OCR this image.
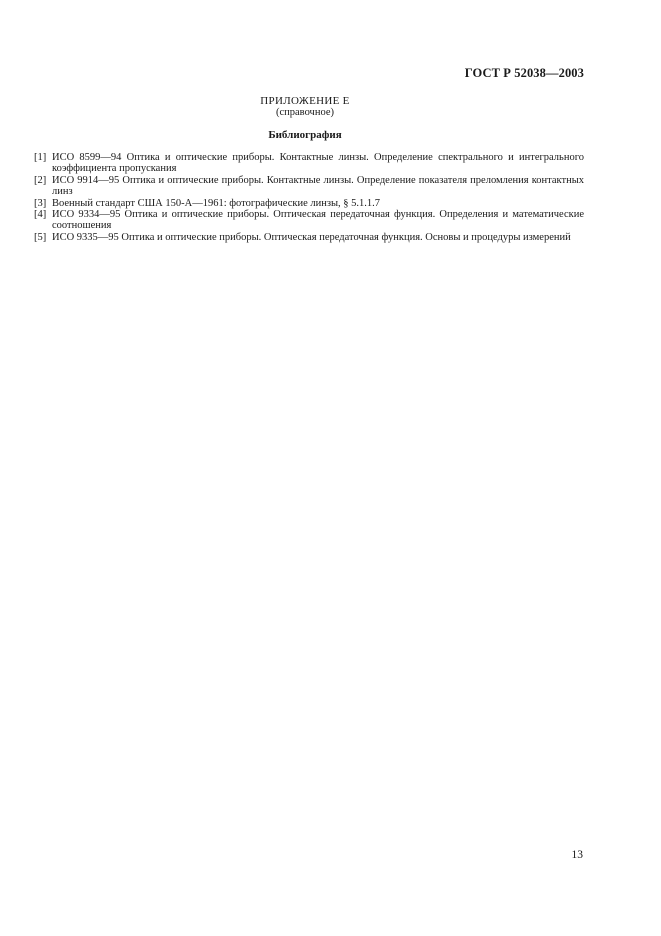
ГОСТ Р 52038—2003
ПРИЛОЖЕНИЕ Е
(справочное)
Библиография
[1] ИСО 8599—94 Оптика и оптические приборы. Контактные линзы. Определение спектрального и интегрального коэффициента пропускания
[2] ИСО 9914—95 Оптика и оптические приборы. Контактные линзы. Определение показателя преломления контактных линз
[3] Военный стандарт США 150-А—1961: фотографические линзы, § 5.1.1.7
[4] ИСО 9334—95 Оптика и оптические приборы. Оптическая передаточная функция. Определения и математические соотношения
[5] ИСО 9335—95 Оптика и оптические приборы. Оптическая передаточная функция. Основы и процедуры измерений
13
